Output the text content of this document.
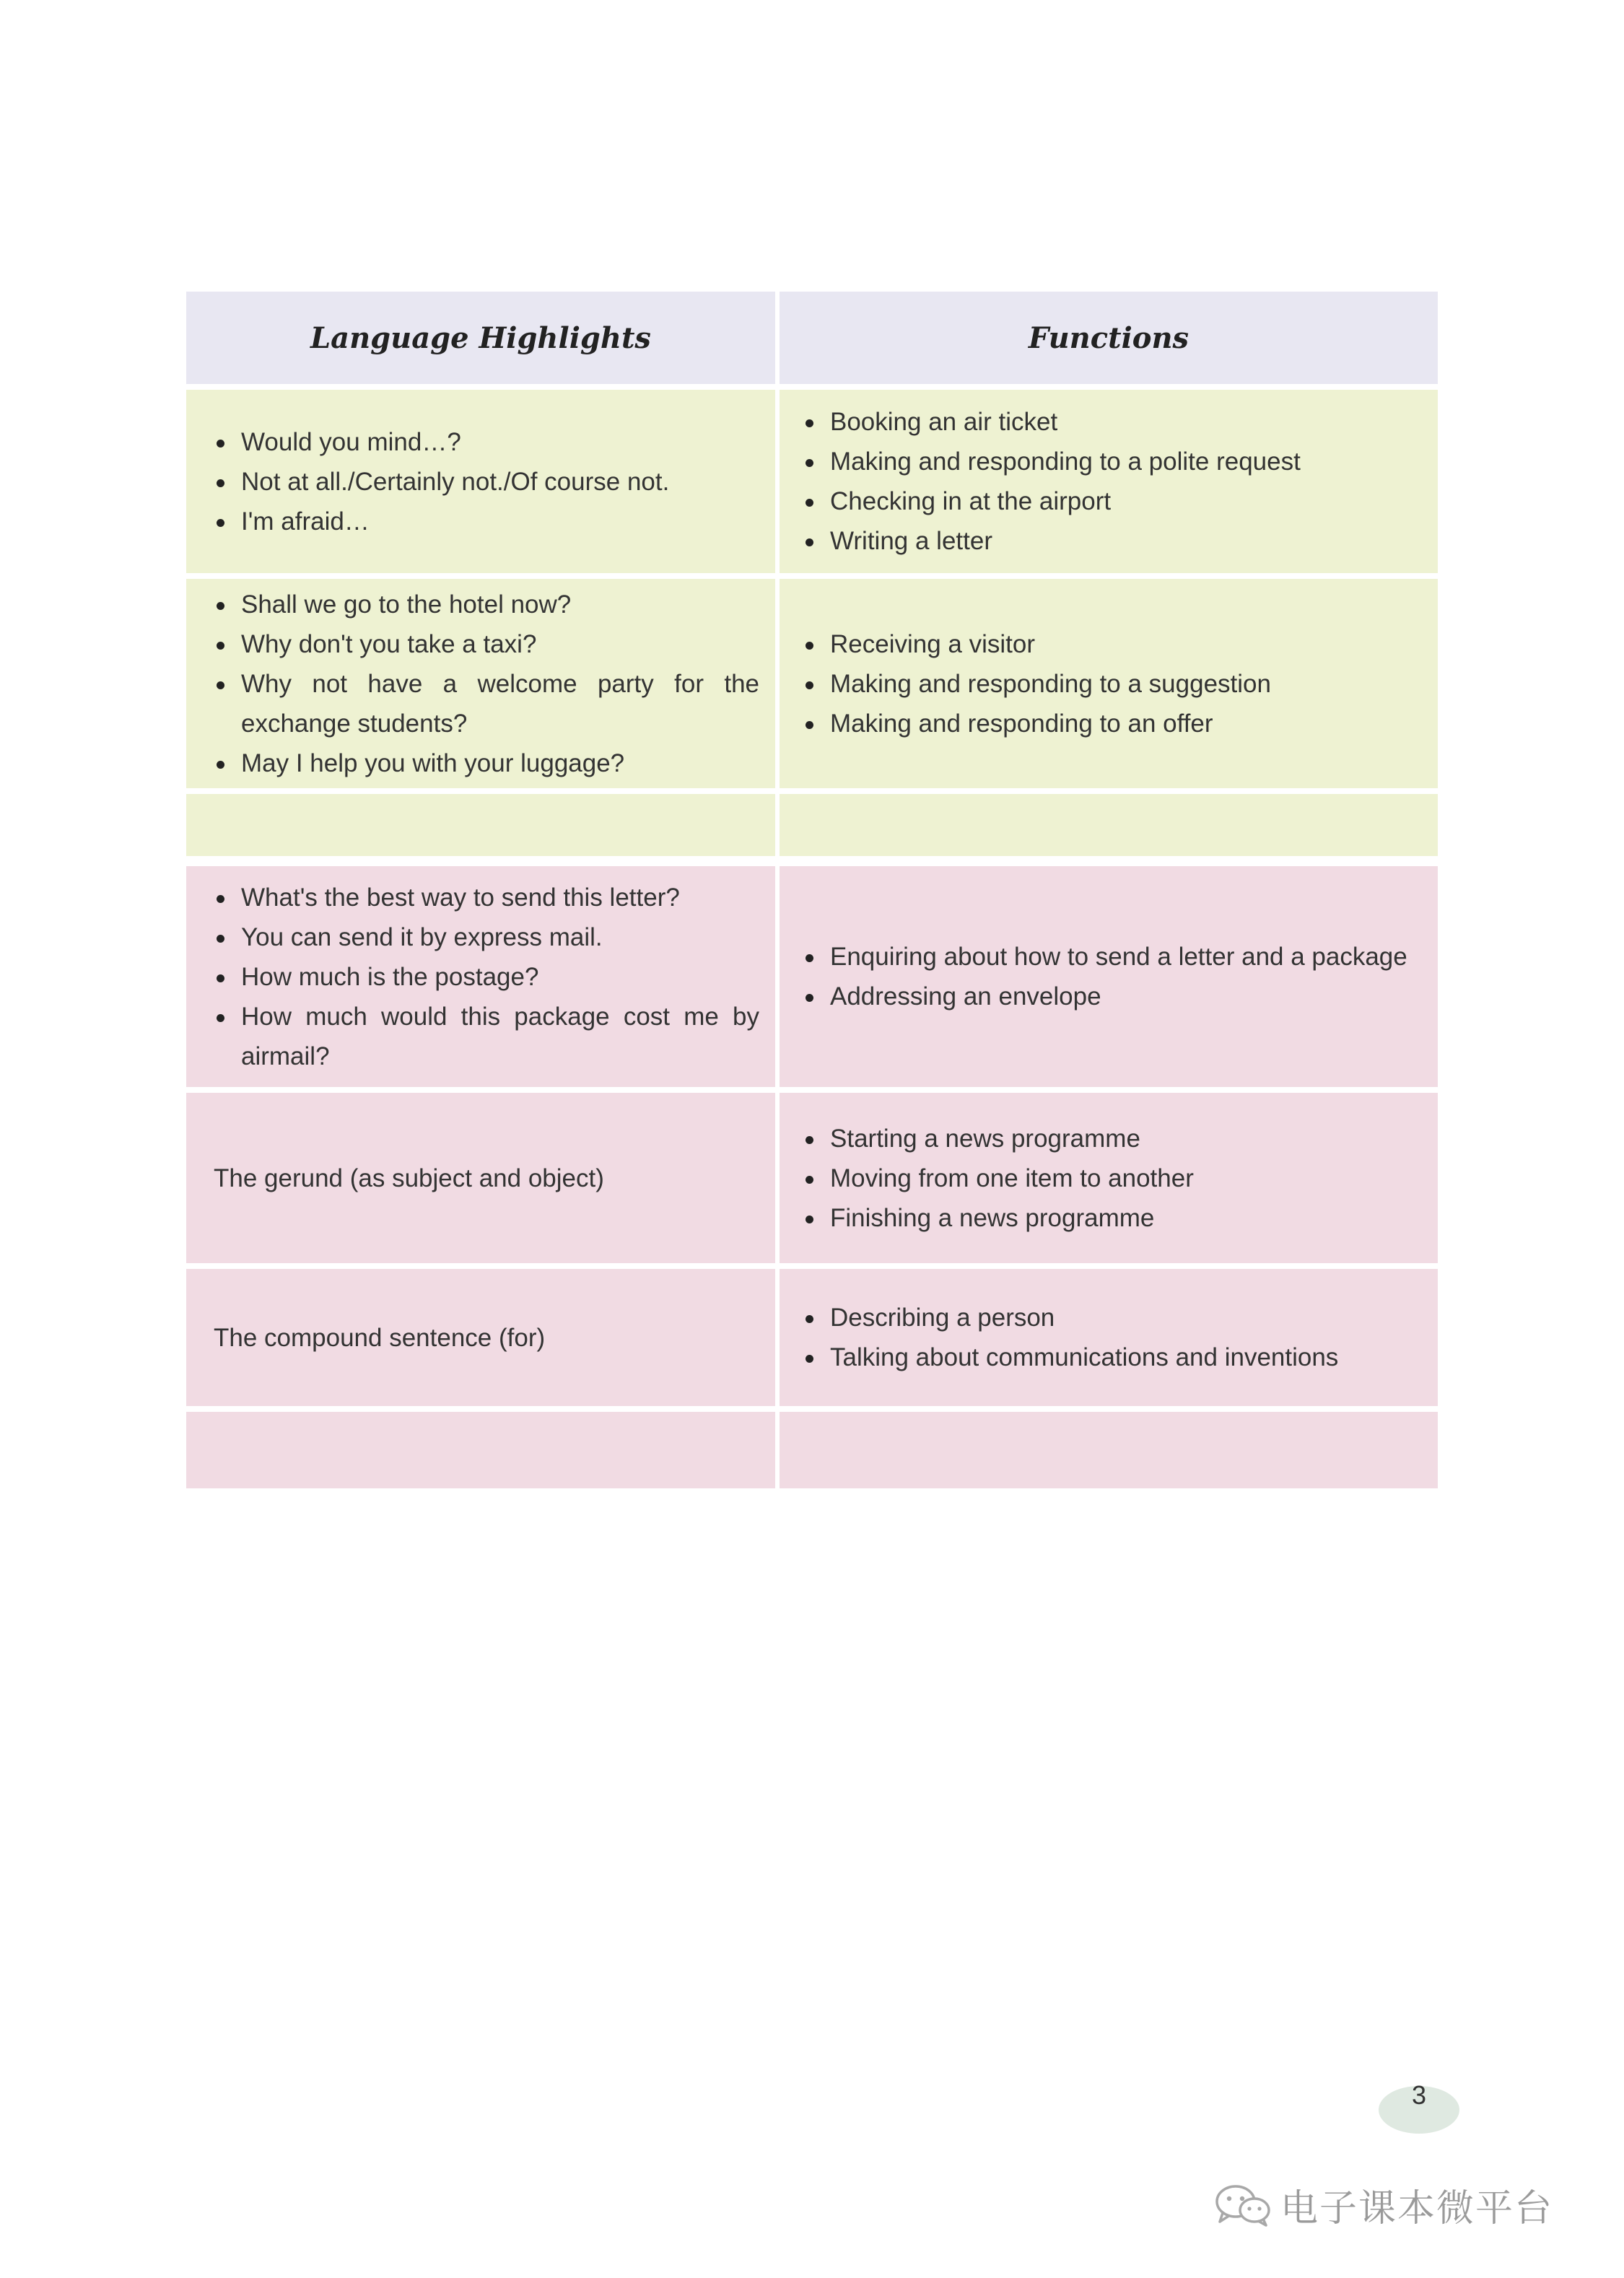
Language Highlights	Functions
Would you mind…?
Not at all./Certainly not./Of course not.
I'm afraid…
Booking an air ticket
Making and responding to a polite request
Checking in at the airport
Writing a letter
Shall we go to the hotel now?
Why don't you take a taxi?
Why not have a welcome party for the exchange students?
May I help you with your luggage?
Receiving a visitor
Making and responding to a suggestion
Making and responding to an offer
What's the best way to send this letter?
You can send it by express mail.
How much is the postage?
How much would this package cost me by airmail?
Enquiring about how to send a letter and a package
Addressing an envelope
The gerund (as subject and object)
Starting a news programme
Moving from one item to another
Finishing a news programme
The compound sentence (for)
Describing a person
Talking about communications and inventions
3
电子课本微平台
